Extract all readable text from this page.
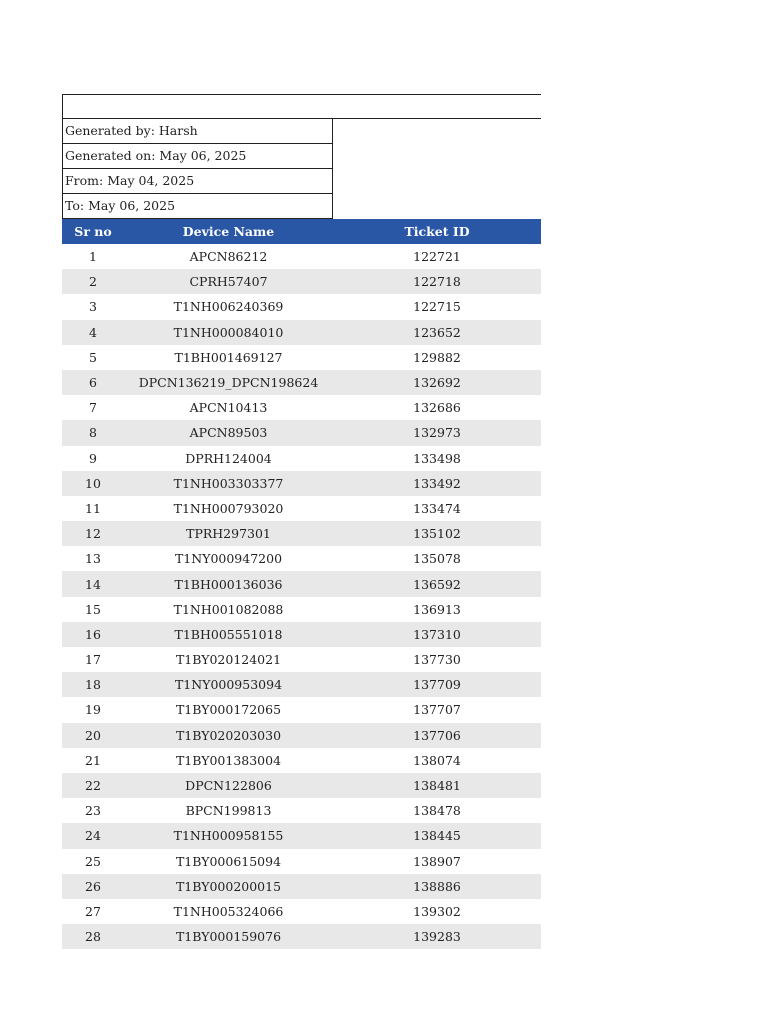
Generated by: Harsh
Generated on: May 06, 2025
From: May 04, 2025
To: May 06, 2025
Sr no	Device Name	Ticket ID
1	APCN86212	122721
2	CPRH57407	122718
3	T1NH006240369	122715
4	T1NH000084010	123652
5	T1BH001469127	129882
6	DPCN136219_DPCN198624	132692
7	APCN10413	132686
8	APCN89503	132973
9	DPRH124004	133498
10	T1NH003303377	133492
11	T1NH000793020	133474
12	TPRH297301	135102
13	T1NY000947200	135078
14	T1BH000136036	136592
15	T1NH001082088	136913
16	T1BH005551018	137310
17	T1BY020124021	137730
18	T1NY000953094	137709
19	T1BY000172065	137707
20	T1BY020203030	137706
21	T1BY001383004	138074
22	DPCN122806	138481
23	BPCN199813	138478
24	T1NH000958155	138445
25	T1BY000615094	138907
26	T1BY000200015	138886
27	T1NH005324066	139302
28	T1BY000159076	139283
